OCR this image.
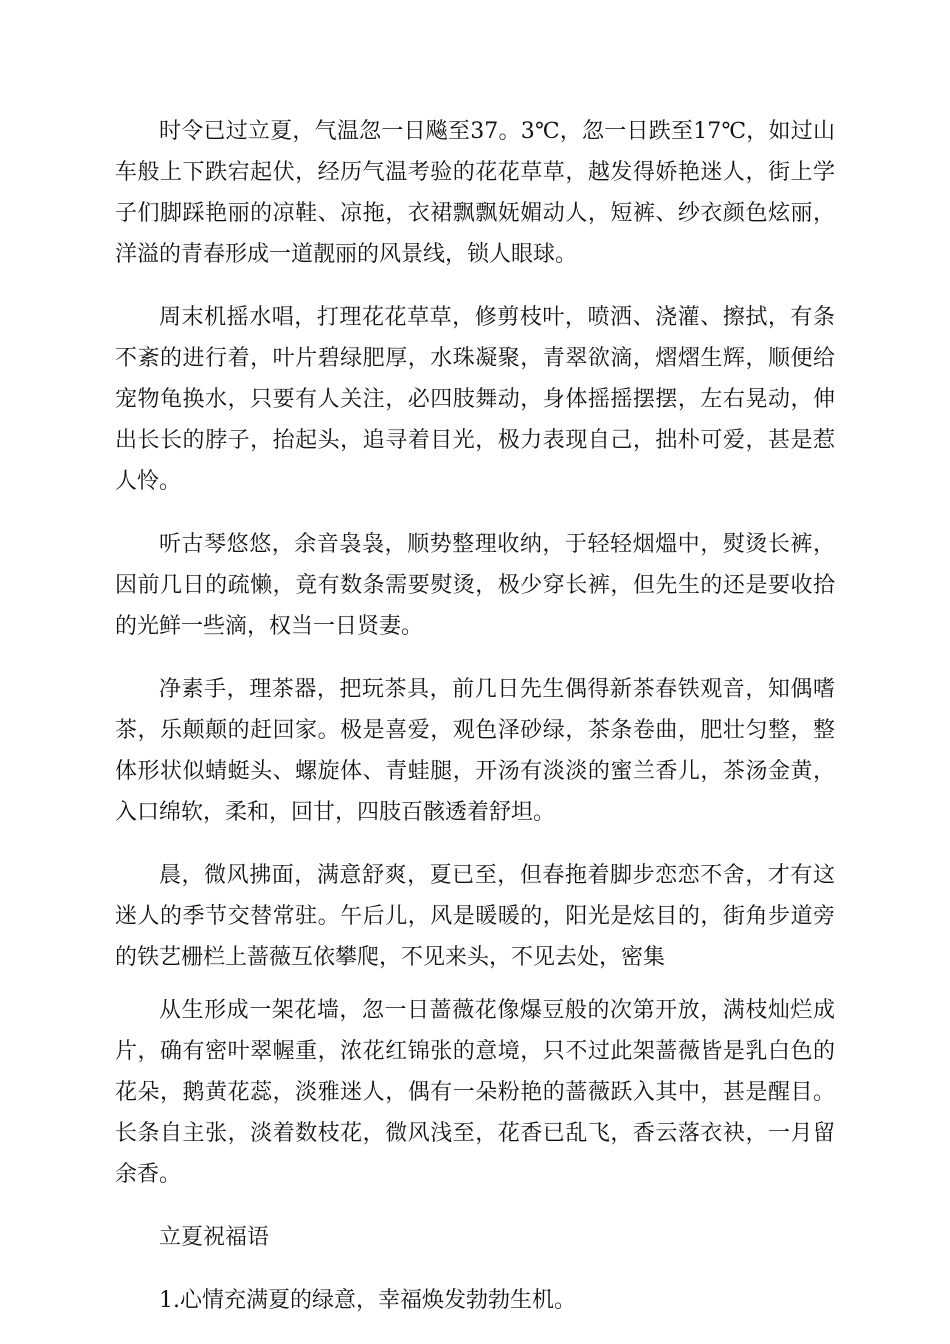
时令已过立夏，气温忽一日飚至37。3℃，忽一日跌至17℃，如过山车般上下跌宕起伏，经历气温考验的花花草草，越发得娇艳迷人，街上学子们脚踩艳丽的凉鞋、凉拖，衣裙飘飘妩媚动人，短裤、纱衣颜色炫丽，洋溢的青春形成一道靓丽的风景线，锁人眼球。

周末机摇水唱，打理花花草草，修剪枝叶，喷洒、浇灌、擦拭，有条不紊的进行着，叶片碧绿肥厚，水珠凝聚，青翠欲滴，熠熠生辉，顺便给宠物龟换水，只要有人关注，必四肢舞动，身体摇摇摆摆，左右晃动，伸出长长的脖子，抬起头，追寻着目光，极力表现自己，拙朴可爱，甚是惹人怜。

听古琴悠悠，余音袅袅，顺势整理收纳，于轻轻烟熅中，熨烫长裤，因前几日的疏懒，竟有数条需要熨烫，极少穿长裤，但先生的还是要收拾的光鲜一些滴，权当一日贤妻。

净素手，理茶器，把玩茶具，前几日先生偶得新茶春铁观音，知偶嗜茶，乐颠颠的赶回家。极是喜爱，观色泽砂绿，茶条卷曲，肥壮匀整，整体形状似蜻蜓头、螺旋体、青蛙腿，开汤有淡淡的蜜兰香儿，茶汤金黄，入口绵软，柔和，回甘，四肢百骸透着舒坦。

晨，微风拂面，满意舒爽，夏已至，但春拖着脚步恋恋不舍，才有这迷人的季节交替常驻。午后儿，风是暖暖的，阳光是炫目的，街角步道旁的铁艺栅栏上蔷薇互依攀爬，不见来头，不见去处，密集

从生形成一架花墙，忽一日蔷薇花像爆豆般的次第开放，满枝灿烂成片，确有密叶翠幄重，浓花红锦张的意境，只不过此架蔷薇皆是乳白色的花朵，鹅黄花蕊，淡雅迷人，偶有一朵粉艳的蔷薇跃入其中，甚是醒目。长条自主张，淡着数枝花，微风浅至，花香已乱飞，香云落衣袂，一月留余香。

立夏祝福语

1.心情充满夏的绿意，幸福焕发勃勃生机。
